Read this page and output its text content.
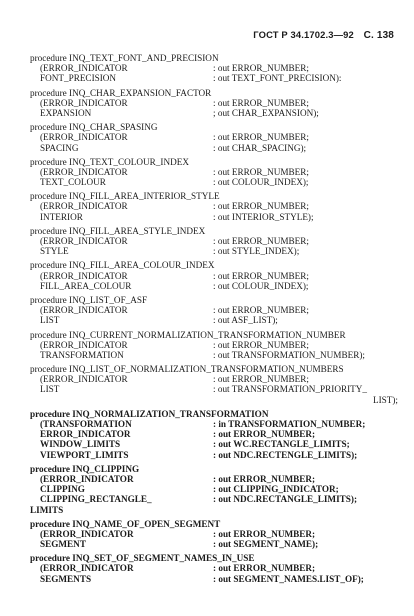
ГОСТ Р 34.1702.3—92 С. 138
procedure INQ_TEXT_FONT_AND_PRECISION
(ERROR_INDICATOR	: out ERROR_NUMBER;
FONT_PRECISION	: out TEXT_FONT_PRECISION):
procedure INQ_CHAR_EXPANSION_FACTOR
(ERROR_INDICATOR	: out ERROR_NUMBER;
EXPANSION	; out CHAR_EXPANSION);
procedure INQ_CHAR_SPASING
(ERROR_INDICATOR	: out ERROR_NUMBER;
SPACING	: out CHAR_SPACING);
procedure INQ_TEXT_COLOUR_INDEX
(ERROR_INDICATOR	: out ERROR_NUMBER;
TEXT_COLOUR	: out COLOUR_INDEX);
procedure INQ_FILL_AREA_INTERIOR_STYLE
(ERROR_INDICATOR	: out ERROR_NUMBER;
INTERIOR	: out INTERIOR_STYLE);
procedure INQ_FILL_AREA_STYLE_INDEX
(ERROR_INDICATOR	: out ERROR_NUMBER;
STYLE	: out STYLE_INDEX);
procedure INQ_FILL_AREA_COLOUR_INDEX
(ERROR_INDICATOR	: out ERROR_NUMBER;
FILL_AREA_COLOUR	: out COLOUR_INDEX);
procedure INQ_LIST_OF_ASF
(ERROR_INDICATOR	: out ERROR_NUMBER;
LIST	: out ASF_LIST);
procedure INQ_CURRENT_NORMALIZATION_TRANSFORMATION_NUMBER
(ERROR_INDICATOR	: out ERROR_NUMBER;
TRANSFORMATION	: out TRANSFORMATION_NUMBER);
procedure INQ_LIST_OF_NORMALIZATION_TRANSFORMATION_NUMBERS
(ERROR_INDICATOR	: out ERROR_NUMBER;
LIST	: out TRANSFORMATION_PRIORITY_
LIST);
procedure INQ_NORMALIZATION_TRANSFORMATION
(TRANSFORMATION	: in TRANSFORMATION_NUMBER;
ERROR_INDICATOR	: out ERROR_NUMBER;
WINDOW_LIMITS	: out WC.RECTANGLE_LIMITS;
VIEWPORT_LIMITS	: out NDC.RECTENGLE_LIMITS);
procedure INQ_CLIPPING
(ERROR_INDICATOR	: out ERROR_NUMBER;
CLIPPING	: out CLIPPING_INDICATOR;
CLIPPING_RECTANGLE_	: out NDC.RECTANGLE_LIMITS);
LIMITS
procedure INQ_NAME_OF_OPEN_SEGMENT
(ERROR_INDICATOR	: out ERROR_NUMBER;
SEGMENT	: out SEGMENT_NAME);
procedure INQ_SET_OF_SEGMENT_NAMES_IN_USE
(ERROR_INDICATOR	: out ERROR_NUMBER;
SEGMENTS	: out SEGMENT_NAMES.LIST_OF);
